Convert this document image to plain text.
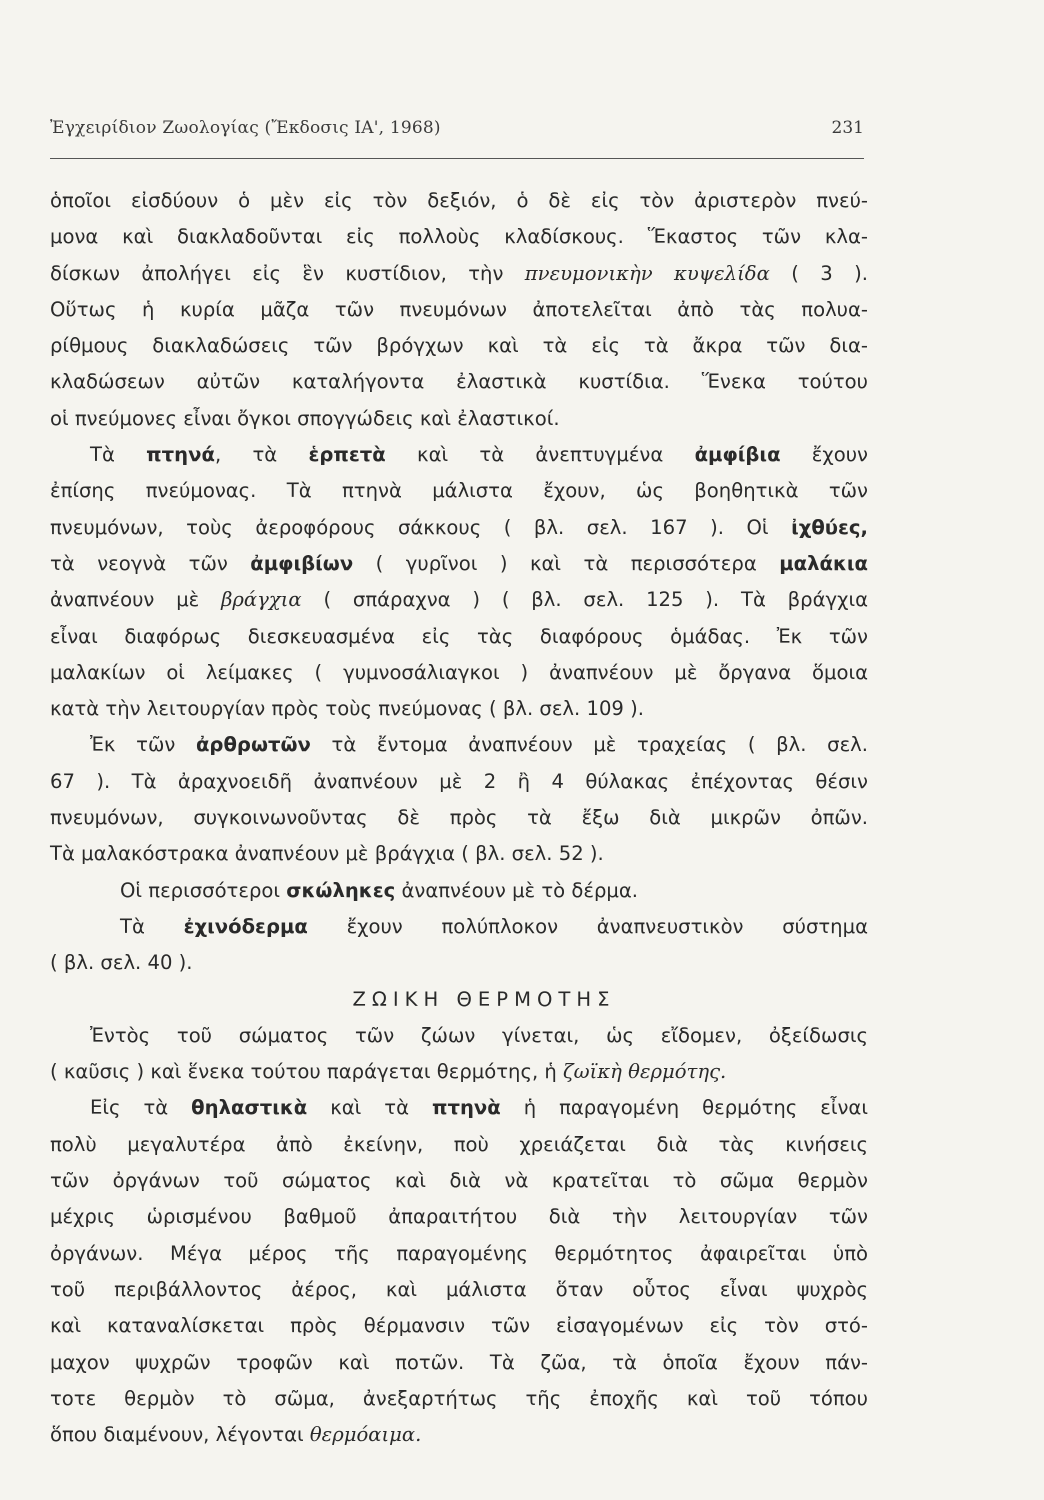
Ἐγχειρίδιον Ζωολογίας (Ἔκδοσις ΙΑ', 1968)	231
ὁποῖοι εἰσδύουν ὁ μὲν εἰς τὸν δεξιόν, ὁ δὲ εἰς τὸν ἀριστερὸν πνεύ-
μονα καὶ διακλαδοῦνται εἰς πολλοὺς κλαδίσκους. Ἕκαστος τῶν κλα-
δίσκων ἀπολήγει εἰς ἓν κυστίδιον, τὴν πνευμονικὴν κυψελίδα ( 3 ).
Οὕτως ἡ κυρία μᾶζα τῶν πνευμόνων ἀποτελεῖται ἀπὸ τὰς πολυα-
ρίθμους διακλαδώσεις τῶν βρόγχων καὶ τὰ εἰς τὰ ἄκρα τῶν δια-
κλαδώσεων αὐτῶν καταλήγοντα ἐλαστικὰ κυστίδια. Ἕνεκα τούτου
οἱ πνεύμονες εἶναι ὄγκοι σπογγώδεις καὶ ἐλαστικοί.
Τὰ πτηνά, τὰ ἑρπετὰ καὶ τὰ ἀνεπτυγμένα ἀμφίβια ἔχουν
ἐπίσης πνεύμονας. Τὰ πτηνὰ μάλιστα ἔχουν, ὡς βοηθητικὰ τῶν
πνευμόνων, τοὺς ἀεροφόρους σάκκους ( βλ. σελ. 167 ). Οἱ ἰχθύες,
τὰ νεογνὰ τῶν ἀμφιβίων ( γυρῖνοι ) καὶ τὰ περισσότερα μαλάκια
ἀναπνέουν μὲ βράγχια ( σπάραχνα ) ( βλ. σελ. 125 ). Τὰ βράγχια
εἶναι διαφόρως διεσκευασμένα εἰς τὰς διαφόρους ὁμάδας. Ἐκ τῶν
μαλακίων οἱ λείμακες ( γυμνοσάλιαγκοι ) ἀναπνέουν μὲ ὄργανα ὅμοια
κατὰ τὴν λειτουργίαν πρὸς τοὺς πνεύμονας ( βλ. σελ. 109 ).
Ἐκ τῶν ἀρθρωτῶν τὰ ἔντομα ἀναπνέουν μὲ τραχείας ( βλ. σελ.
67 ). Τὰ ἀραχνοειδῆ ἀναπνέουν μὲ 2 ἢ 4 θύλακας ἐπέχοντας θέσιν
πνευμόνων, συγκοινωνοῦντας δὲ πρὸς τὰ ἔξω διὰ μικρῶν ὀπῶν.
Τὰ μαλακόστρακα ἀναπνέουν μὲ βράγχια ( βλ. σελ. 52 ).
Οἱ περισσότεροι σκώληκες ἀναπνέουν μὲ τὸ δέρμα.
Τὰ ἐχινόδερμα ἔχουν πολύπλοκον ἀναπνευστικὸν σύστημα
( βλ. σελ. 40 ).
ΖΩΙΚΗ ΘΕΡΜΟΤΗΣ
Ἐντὸς τοῦ σώματος τῶν ζώων γίνεται, ὡς εἴδομεν, ὀξείδωσις
( καῦσις ) καὶ ἕνεκα τούτου παράγεται θερμότης, ἡ ζωϊκὴ θερμότης.
Εἰς τὰ θηλαστικὰ καὶ τὰ πτηνὰ ἡ παραγομένη θερμότης εἶναι
πολὺ μεγαλυτέρα ἀπὸ ἐκείνην, ποὺ χρειάζεται διὰ τὰς κινήσεις
τῶν ὀργάνων τοῦ σώματος καὶ διὰ νὰ κρατεῖται τὸ σῶμα θερμὸν
μέχρις ὡρισμένου βαθμοῦ ἀπαραιτήτου διὰ τὴν λειτουργίαν τῶν
ὀργάνων. Μέγα μέρος τῆς παραγομένης θερμότητος ἀφαιρεῖται ὑπὸ
τοῦ περιβάλλοντος ἀέρος, καὶ μάλιστα ὅταν οὗτος εἶναι ψυχρὸς
καὶ καταναλίσκεται πρὸς θέρμανσιν τῶν εἰσαγομένων εἰς τὸν στό-
μαχον ψυχρῶν τροφῶν καὶ ποτῶν. Τὰ ζῶα, τὰ ὁποῖα ἔχουν πάν-
τοτε θερμὸν τὸ σῶμα, ἀνεξαρτήτως τῆς ἐποχῆς καὶ τοῦ τόπου
ὅπου διαμένουν, λέγονται θερμόαιμα.
